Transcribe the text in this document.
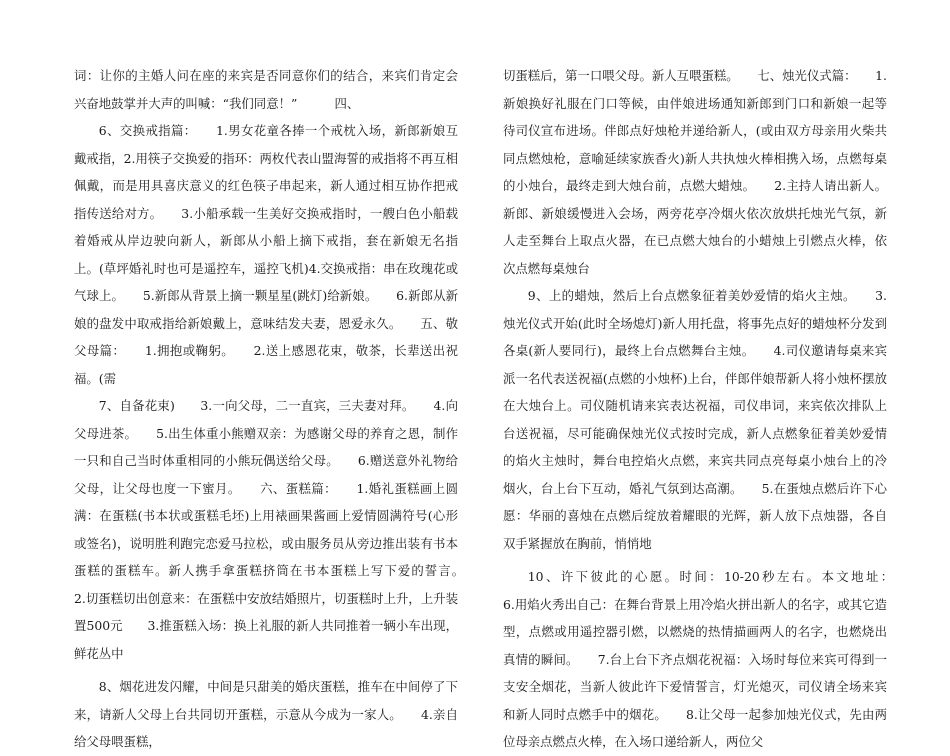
词：让你的主婚人问在座的来宾是否同意你们的结合，来宾们肯定会兴奋地鼓掌并大声的叫喊：“我们同意！”　　　四、

6、交换戒指篇：　　1.男女花童各捧一个戒枕入场，新郎新娘互戴戒指，2.用筷子交换爱的指环：两枚代表山盟海誓的戒指将不再互相佩戴，而是用具喜庆意义的红色筷子串起来，新人通过相互协作把戒指传送给对方。　　3.小船承载一生美好交换戒指时，一艘白色小船载着婚戒从岸边驶向新人，新郎从小船上摘下戒指，套在新娘无名指上。(草坪婚礼时也可是遥控车，遥控飞机)4.交换戒指：串在玫瑰花或气球上。　　5.新郎从背景上摘一颗星星(跳灯)给新娘。　　6.新郎从新娘的盘发中取戒指给新娘戴上，意味结发夫妻，恩爱永久。　　五、敬父母篇：　　1.拥抱或鞠躬。　　2.送上感恩花束，敬茶，长辈送出祝福。(需

7、自备花束)　　3.一向父母，二一直宾，三夫妻对拜。　　4.向父母进茶。　　5.出生体重小熊赠双亲：为感谢父母的养育之恩，制作一只和自己当时体重相同的小熊玩偶送给父母。　　6.赠送意外礼物给父母，让父母也度一下蜜月。　　六、蛋糕篇：　　1.婚礼蛋糕画上圆满：在蛋糕(书本状或蛋糕毛坯)上用裱画果酱画上爱情圆满符号(心形或签名)，说明胜利跑完恋爱马拉松，或由服务员从旁边推出装有书本蛋糕的蛋糕车。新人携手拿蛋糕挤筒在书本蛋糕上写下爱的誓言。　　2.切蛋糕切出创意来：在蛋糕中安放结婚照片，切蛋糕时上升，上升装置500元　　3.推蛋糕入场：换上礼服的新人共同推着一辆小车出现，鲜花丛中

8、烟花进发闪耀，中间是只甜美的婚庆蛋糕，推车在中间停了下来，请新人父母上台共同切开蛋糕，示意从今成为一家人。　　4.亲自给父母喂蛋糕，

切蛋糕后，第一口喂父母。新人互喂蛋糕。　　七、烛光仪式篇：　　1.新娘换好礼服在门口等候，由伴娘进场通知新郎到门口和新娘一起等待司仪宣布进场。伴郎点好烛枪并递给新人，(或由双方母亲用火柴共同点燃烛枪，意喻延续家族香火)新人共执烛火棒相携入场，点燃每桌的小烛台，最终走到大烛台前，点燃大蜡烛。　　2.主持人请出新人。新郎、新娘缓慢进入会场，两旁花亭冷烟火依次放烘托烛光气氛，新人走至舞台上取点火器，在已点燃大烛台的小蜡烛上引燃点火棒，依次点燃每桌烛台

9、上的蜡烛，然后上台点燃象征着美妙爱情的焰火主烛。　　3.烛光仪式开始(此时全场熄灯)新人用托盘，将事先点好的蜡烛杯分发到各桌(新人要同行)，最终上台点燃舞台主烛。　　4.司仪邀请每桌来宾派一名代表送祝福(点燃的小烛杯)上台，伴郎伴娘帮新人将小烛杯摆放在大烛台上。司仪随机请来宾表达祝福，司仪串词，来宾依次排队上台送祝福，尽可能确保烛光仪式按时完成，新人点燃象征着美妙爱情的焰火主烛时，舞台电控焰火点燃，来宾共同点亮每桌小烛台上的冷烟火，台上台下互动，婚礼气氛到达高潮。　　5.在蛋烛点燃后许下心愿：华丽的喜烛在点燃后绽放着耀眼的光辉，新人放下点烛器，各自双手紧握放在胸前，悄悄地

10、许下彼此的心愿。时间：10-20秒左右。本文地址：　　　　6.用焰火秀出自己：在舞台背景上用冷焰火拼出新人的名字，或其它造型，点燃或用遥控器引燃，以燃烧的热情描画两人的名字，也燃烧出真情的瞬间。　　7.台上台下齐点烟花祝福：入场时每位来宾可得到一支安全烟花，当新人彼此许下爱情誓言，灯光熄灭，司仪请全场来宾和新人同时点燃手中的烟花。　　8.让父母一起参加烛光仪式，先由两位母亲点燃点火棒，在入场口递给新人，两位父
